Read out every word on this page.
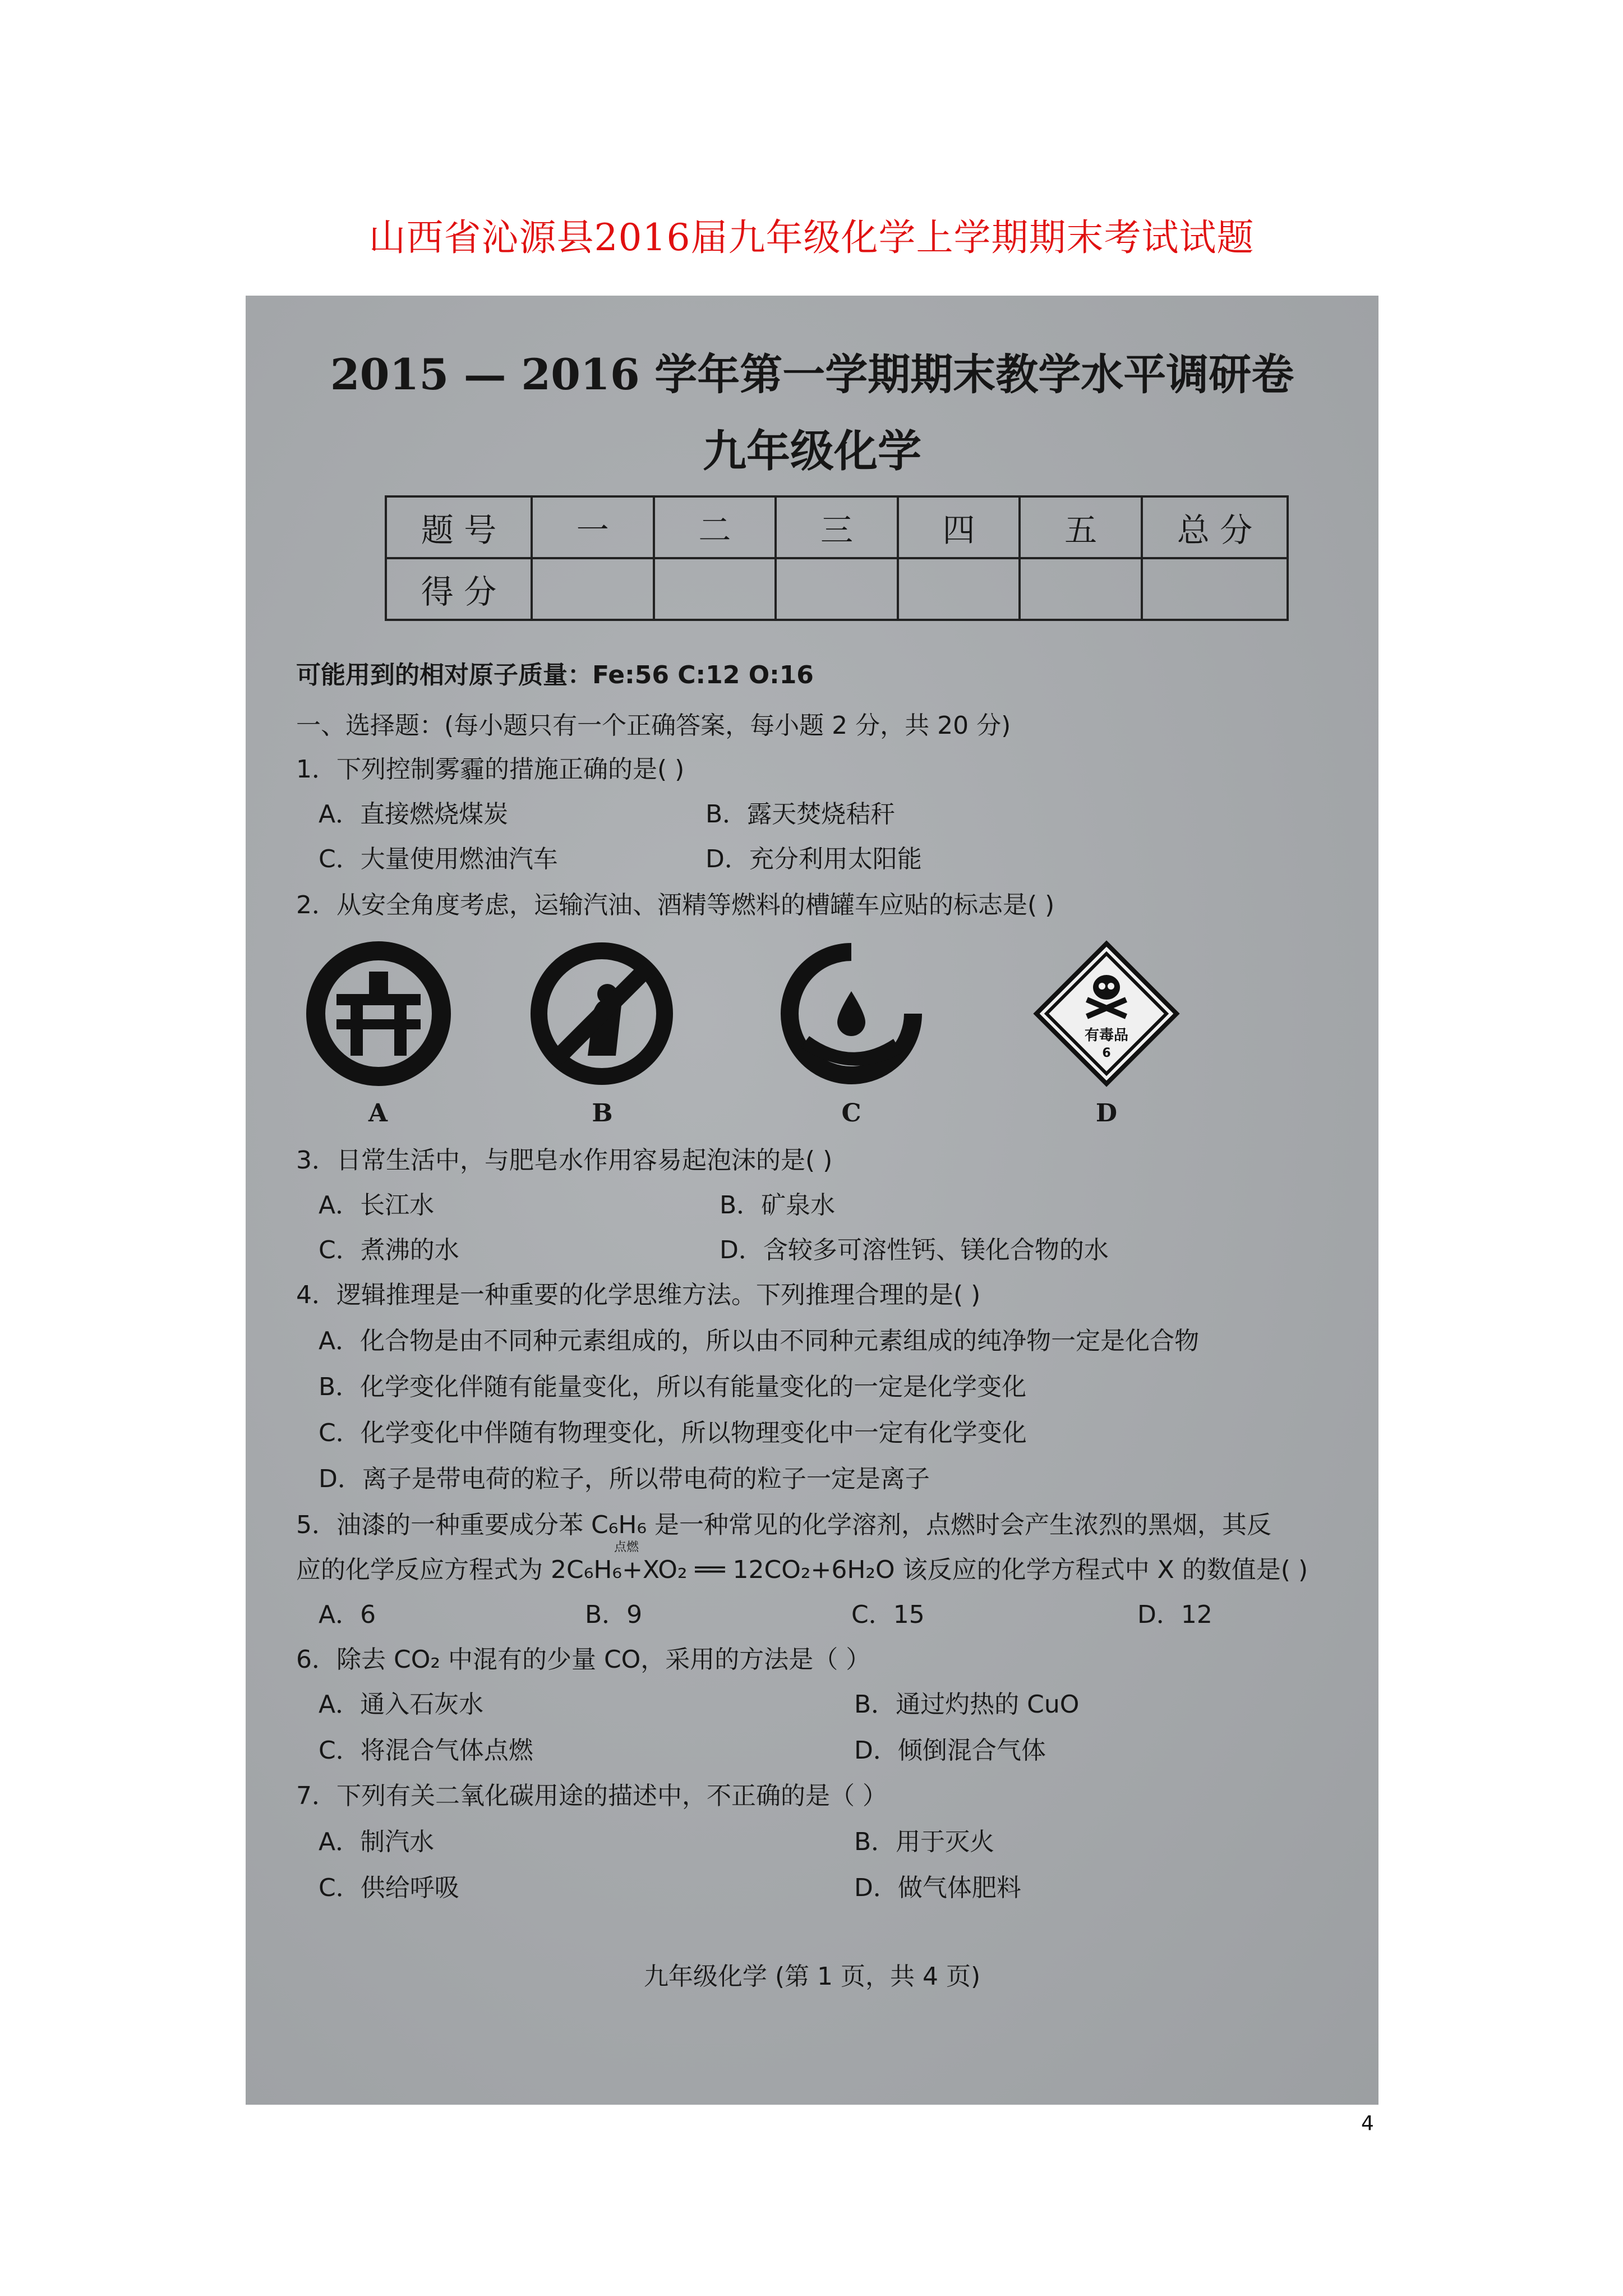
山西省沁源县2016届九年级化学上学期期末考试试题
2015 — 2016 学年第一学期期末教学水平调研卷
九年级化学
题 号	一	二	三	四	五	总 分
得 分						
可能用到的相对原子质量：Fe:56 C:12 O:16
一、选择题：(每小题只有一个正确答案，每小题 2 分，共 20 分)
1．下列控制雾霾的措施正确的是( )
A．直接燃烧煤炭	B．露天焚烧秸秆
C．大量使用燃油汽车	D．充分利用太阳能
2．从安全角度考虑，运输汽油、酒精等燃料的槽罐车应贴的标志是( )
有毒品
6
A	B	C	D
3．日常生活中，与肥皂水作用容易起泡沫的是( )
A．长江水	B．矿泉水
C．煮沸的水	D．含较多可溶性钙、镁化合物的水
4．逻辑推理是一种重要的化学思维方法。下列推理合理的是( )
A．化合物是由不同种元素组成的，所以由不同种元素组成的纯净物一定是化合物
B．化学变化伴随有能量变化，所以有能量变化的一定是化学变化
C．化学变化中伴随有物理变化，所以物理变化中一定有化学变化
D．离子是带电荷的粒子，所以带电荷的粒子一定是离子
5．油漆的一种重要成分苯 C₆H₆ 是一种常见的化学溶剂，点燃时会产生浓烈的黑烟，其反
应的化学反应方程式为 2C₆H₆+XO₂ ══ 12CO₂+6H₂O 该反应的化学方程式中 X 的数值是( )
点燃
A．6	B．9	C．15	D．12
6．除去 CO₂ 中混有的少量 CO，采用的方法是（ ）
A．通入石灰水	B．通过灼热的 CuO
C．将混合气体点燃	D．倾倒混合气体
7．下列有关二氧化碳用途的描述中，不正确的是（ ）
A．制汽水	B．用于灭火
C．供给呼吸	D．做气体肥料
九年级化学 (第 1 页，共 4 页)
4
